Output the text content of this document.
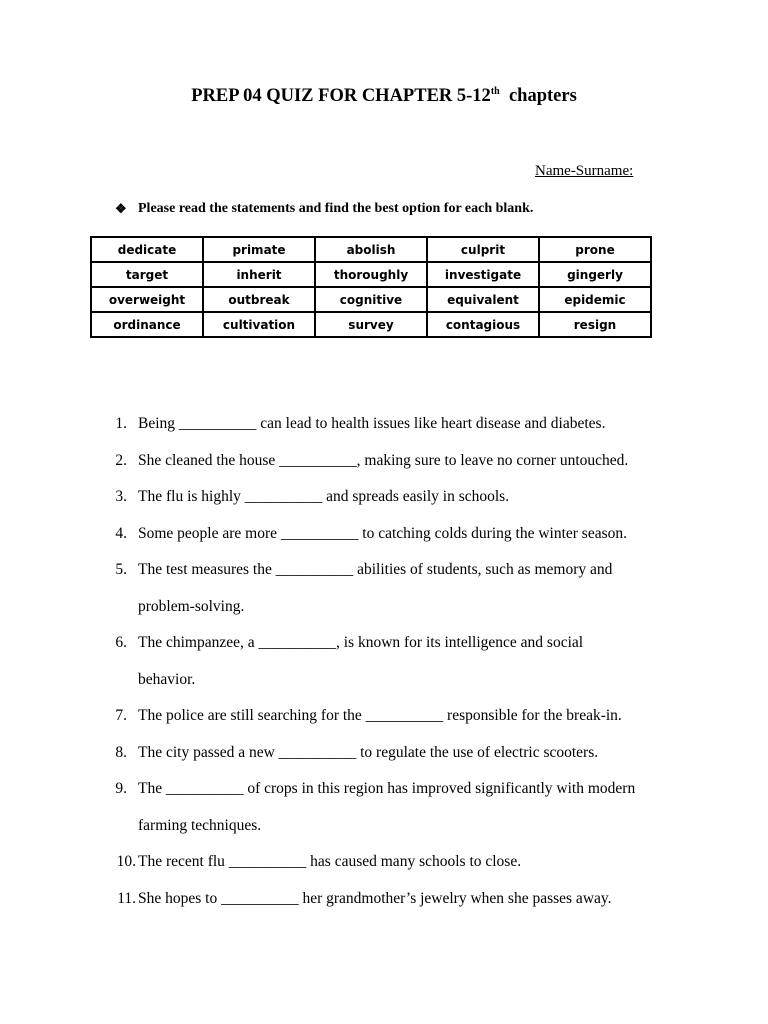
PREP 04 QUIZ FOR CHAPTER 5-12th chapters
Name-Surname:
❖ Please read the statements and find the best option for each blank.
dedicate	primate	abolish	culprit	prone
target	inherit	thoroughly	investigate	gingerly
overweight	outbreak	cognitive	equivalent	epidemic
ordinance	cultivation	survey	contagious	resign
1. Being __________ can lead to health issues like heart disease and diabetes.
2. She cleaned the house __________, making sure to leave no corner untouched.
3. The flu is highly __________ and spreads easily in schools.
4. Some people are more __________ to catching colds during the winter season.
5. The test measures the __________ abilities of students, such as memory and
problem-solving.
6. The chimpanzee, a __________, is known for its intelligence and social
behavior.
7. The police are still searching for the __________ responsible for the break-in.
8. The city passed a new __________ to regulate the use of electric scooters.
9. The __________ of crops in this region has improved significantly with modern
farming techniques.
10. The recent flu __________ has caused many schools to close.
11. She hopes to __________ her grandmother’s jewelry when she passes away.
